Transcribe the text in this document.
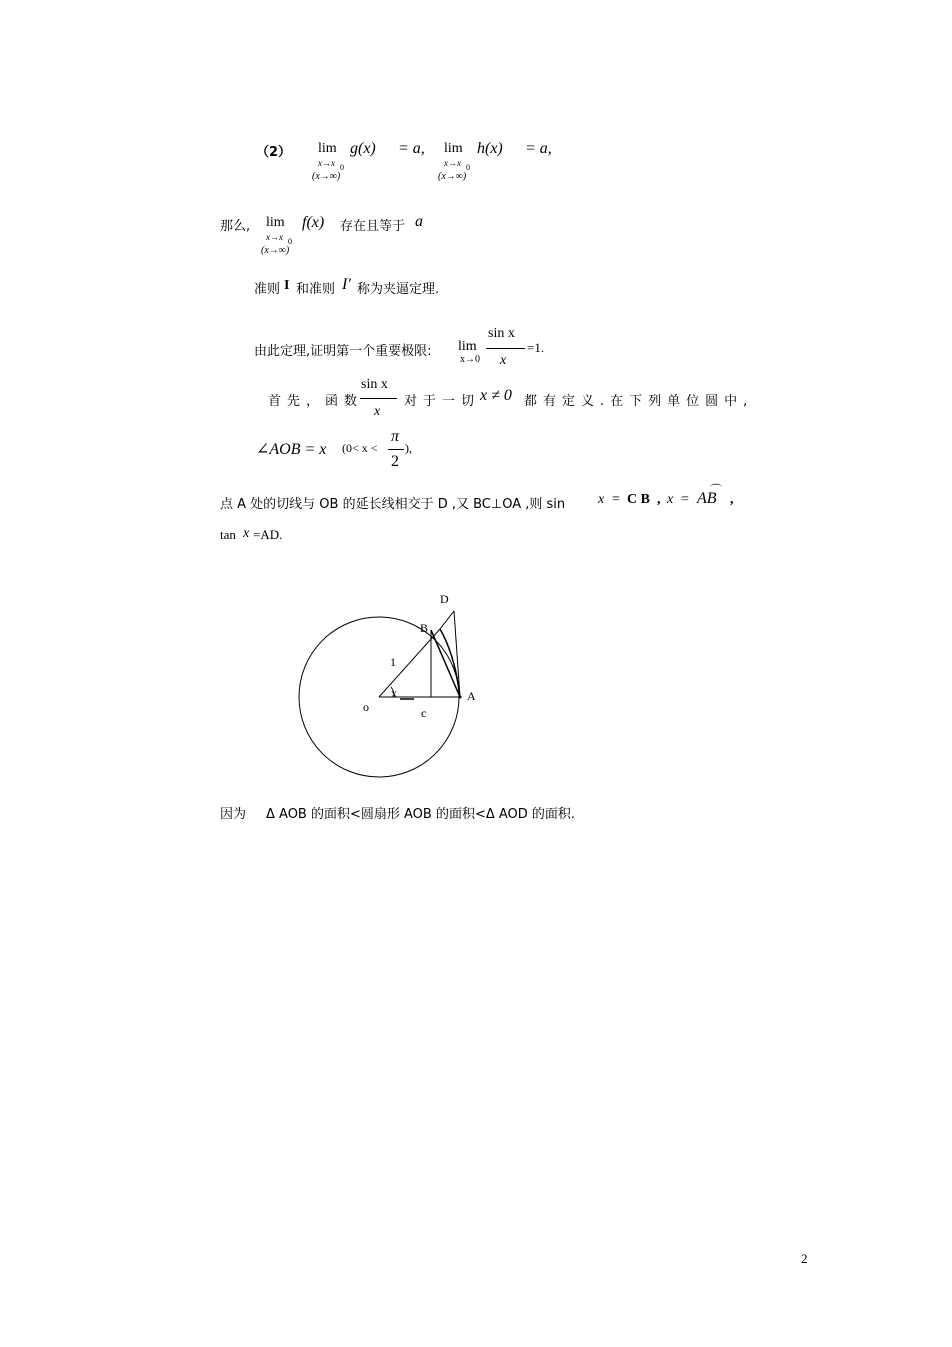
（2） lim
x→x 0
(x→∞)
g(x) = a, lim
x→x 0
(x→∞)
h(x) = a,
那么, lim
x→x 0
(x→∞)
f(x) 存在且等于 a
准则 I 和准则 I′ 称为夹逼定理.
由此定理,证明第一个重要极限: lim
x→0
sin x
x
=1.
首先，函数
sin x
x
对于一切 x ≠ 0 都有定义.在下列单位圆中,
∠AOB = x (0< x <
π
2
),
点 A 处的切线与 OB 的延长线相交于 D ,又 BC⊥OA ,则 sin x = C B , x = AB
⌒
,
tan x =AD.
D
B
1
x
o	c
A
因为 Δ AOB 的面积<圆扇形 AOB 的面积<Δ AOD 的面积.
2
